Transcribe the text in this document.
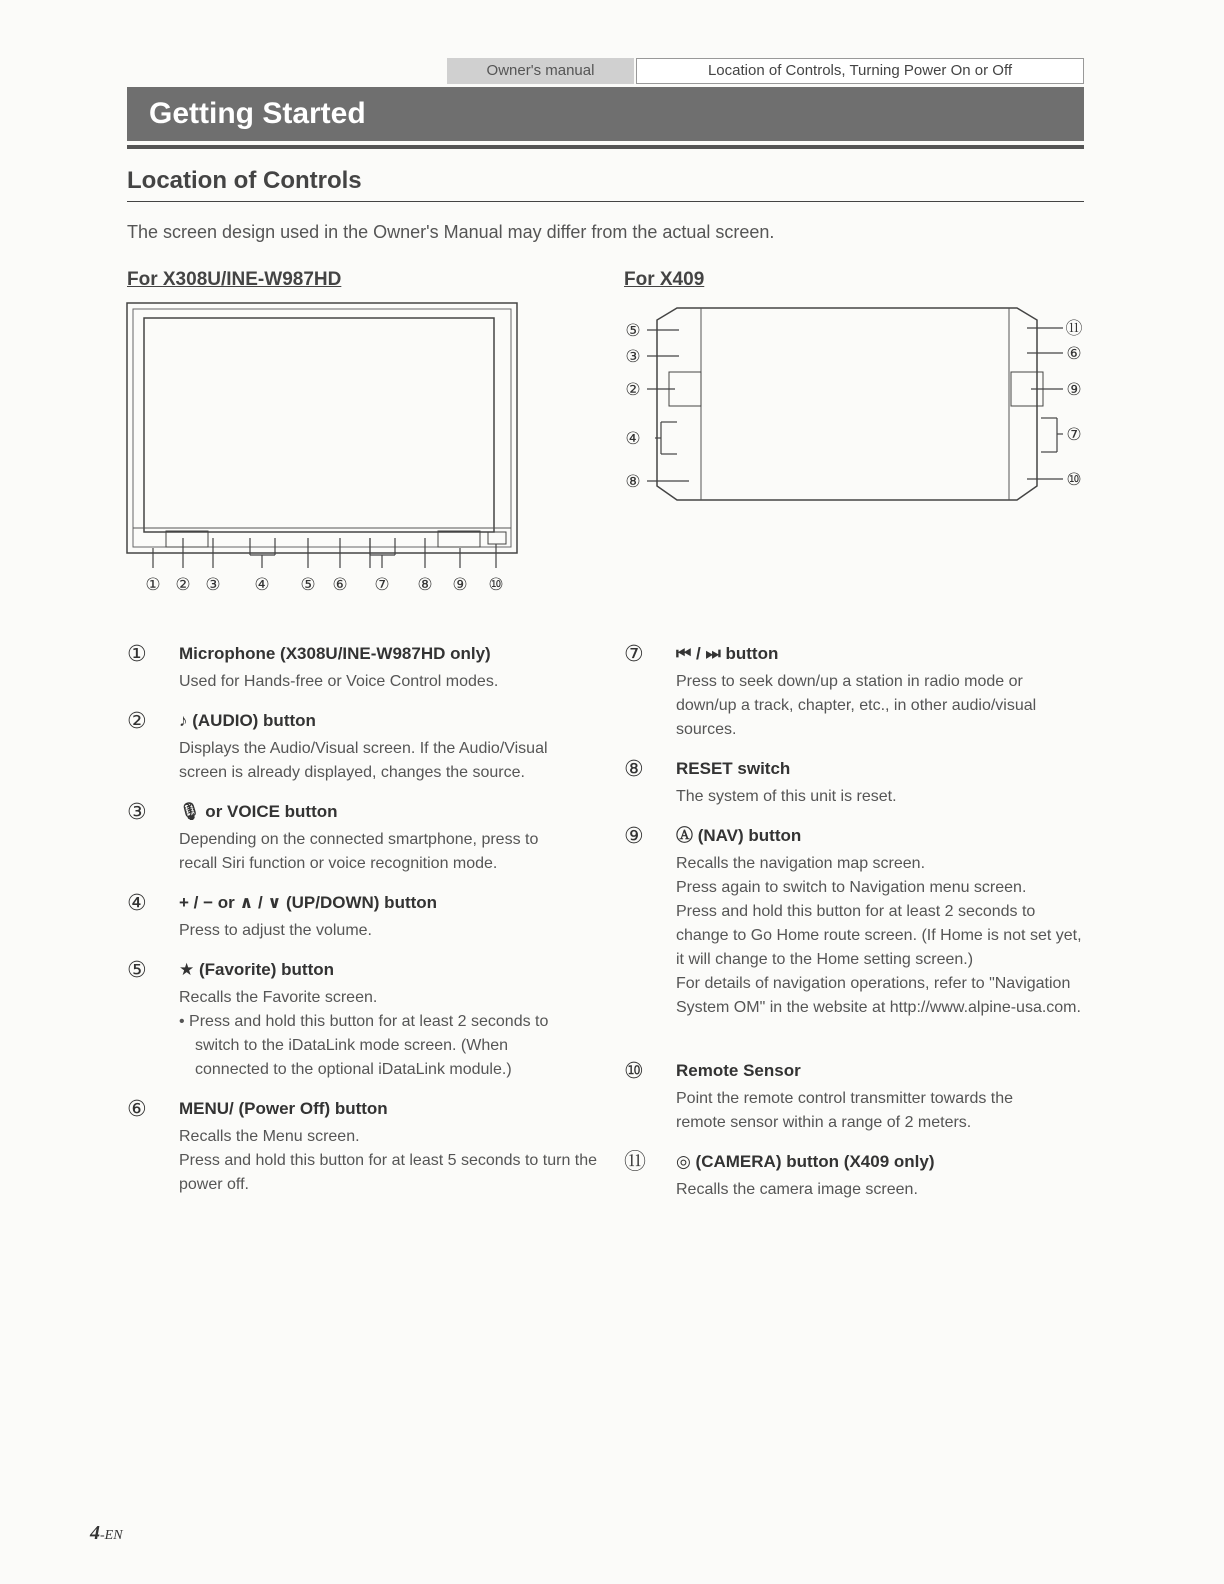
Owner's manual	Location of Controls, Turning Power On or Off
Getting Started
Location of Controls
The screen design used in the Owner's Manual may differ from the actual screen.
For X308U/INE-W987HD	For X409
① ② ③ ④ ⑤ ⑥ ⑦ ⑧ ⑨ ⑩
⑤
③
②
④
⑧
⑪
⑥
⑨
⑦
⑩
① Microphone (X308U/INE-W987HD only)

Used for Hands-free or Voice Control modes.

② ♪ (AUDIO) button

Displays the Audio/Visual screen. If the Audio/Visual screen is already displayed, changes the source.

③ 🎙 or VOICE button

Depending on the connected smartphone, press to recall Siri function or voice recognition mode.

④ + / − or ∧ / ∨ (UP/DOWN) button

Press to adjust the volume.

⑤ ★ (Favorite) button

Recalls the Favorite screen.

• Press and hold this button for at least 2 seconds to switch to the iDataLink mode screen. (When connected to the optional iDataLink module.)

⑥ MENU/ (Power Off) button

Recalls the Menu screen.

Press and hold this button for at least 5 seconds to turn the power off.

⑦ ⏮ / ⏭ button

Press to seek down/up a station in radio mode or down/up a track, chapter, etc., in other audio/visual sources.

⑧ RESET switch

The system of this unit is reset.

⑨ Ⓐ (NAV) button

Recalls the navigation map screen.

Press again to switch to Navigation menu screen.

Press and hold this button for at least 2 seconds to change to Go Home route screen. (If Home is not set yet, it will change to the Home setting screen.)

For details of navigation operations, refer to "Navigation System OM" in the website at http://www.alpine-usa.com.

⑩ Remote Sensor

Point the remote control transmitter towards the remote sensor within a range of 2 meters.

⑪ ◎ (CAMERA) button (X409 only)

Recalls the camera image screen.

4-EN
